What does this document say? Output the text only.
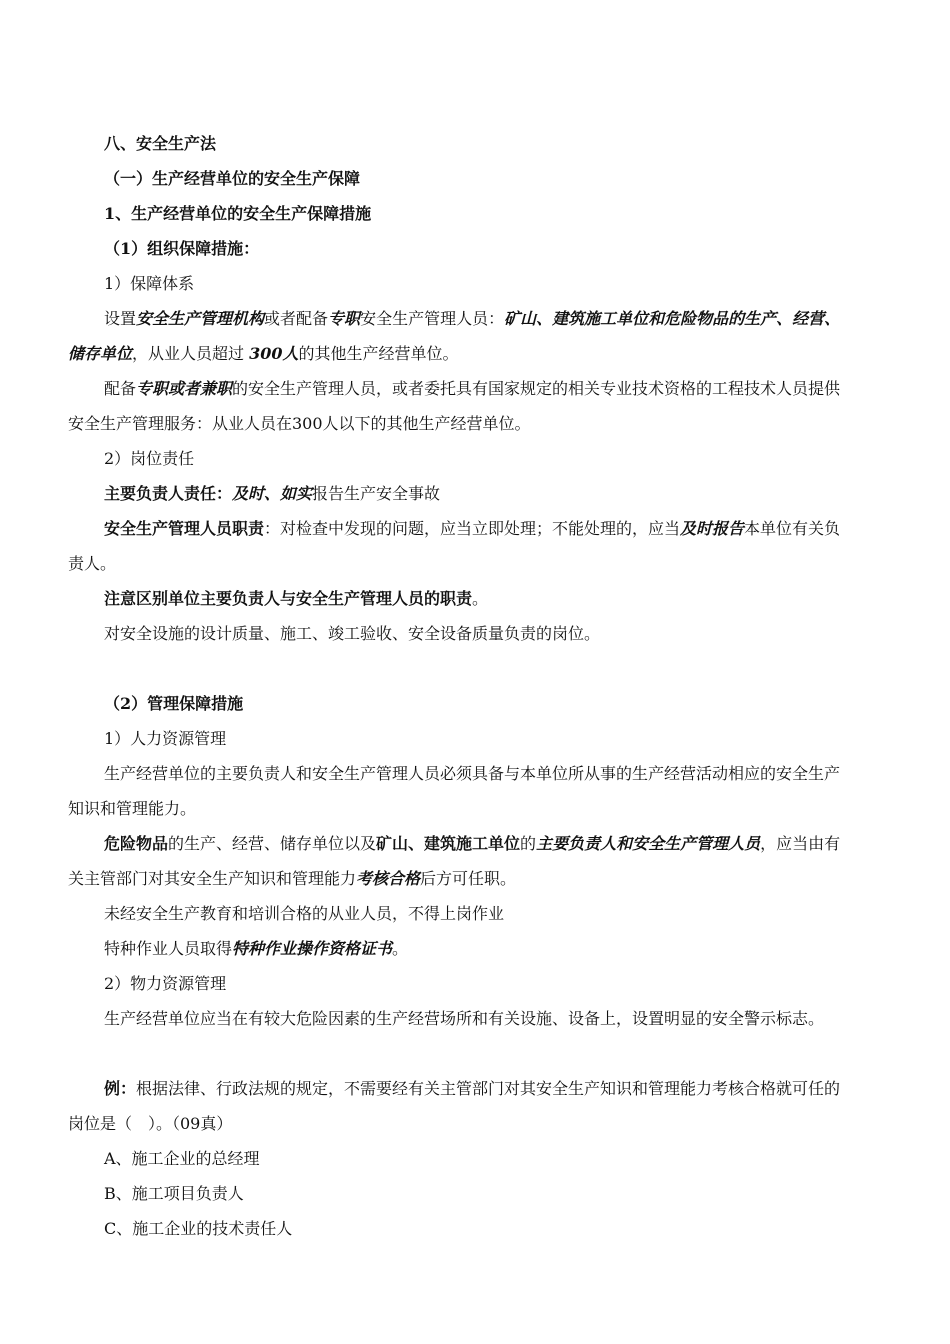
八、安全生产法

（一）生产经营单位的安全生产保障

1、生产经营单位的安全生产保障措施

（1）组织保障措施：

1）保障体系

设置安全生产管理机构或者配备专职安全生产管理人员：矿山、建筑施工单位和危险物品的生产、经营、储存单位，从业人员超过 300人的其他生产经营单位。

配备专职或者兼职的安全生产管理人员，或者委托具有国家规定的相关专业技术资格的工程技术人员提供安全生产管理服务：从业人员在300人以下的其他生产经营单位。

2）岗位责任

主要负责人责任：及时、如实报告生产安全事故

安全生产管理人员职责：对检查中发现的问题，应当立即处理；不能处理的，应当及时报告本单位有关负责人。

注意区别单位主要负责人与安全生产管理人员的职责。

对安全设施的设计质量、施工、竣工验收、安全设备质量负责的岗位。

（2）管理保障措施

1）人力资源管理

生产经营单位的主要负责人和安全生产管理人员必须具备与本单位所从事的生产经营活动相应的安全生产知识和管理能力。

危险物品的生产、经营、储存单位以及矿山、建筑施工单位的主要负责人和安全生产管理人员，应当由有关主管部门对其安全生产知识和管理能力考核合格后方可任职。

未经安全生产教育和培训合格的从业人员，不得上岗作业

特种作业人员取得特种作业操作资格证书。

2）物力资源管理

生产经营单位应当在有较大危险因素的生产经营场所和有关设施、设备上，设置明显的安全警示标志。

例：根据法律、行政法规的规定，不需要经有关主管部门对其安全生产知识和管理能力考核合格就可任的岗位是（　）。（09真）

A、施工企业的总经理

B、施工项目负责人

C、施工企业的技术责任人
